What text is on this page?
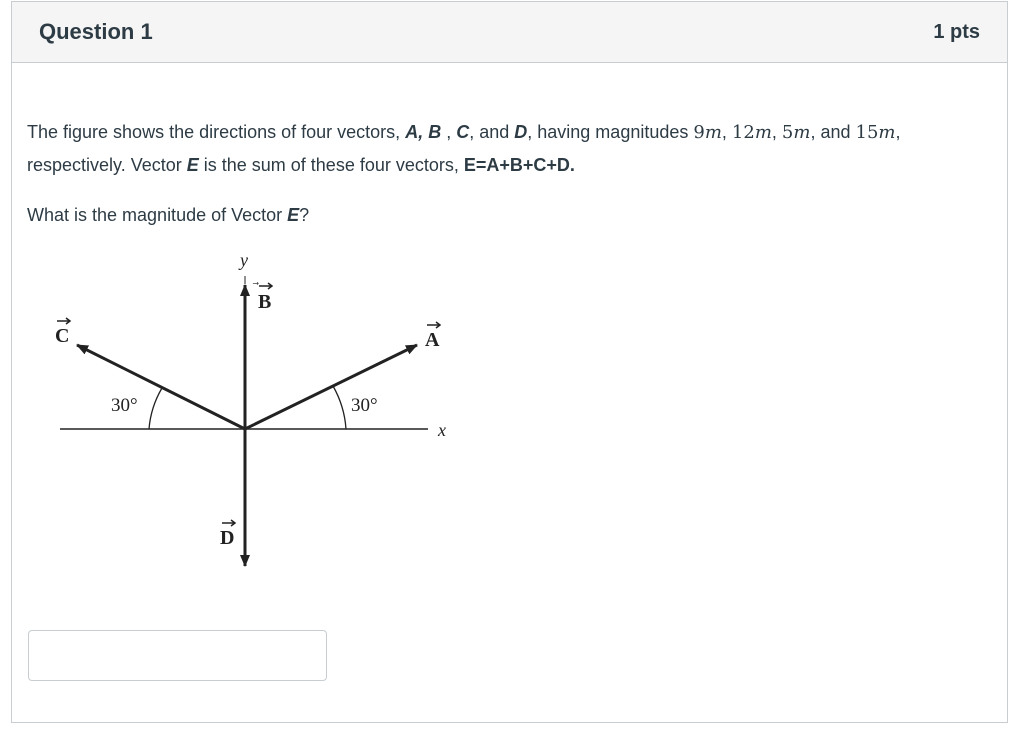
Question 1	1 pts

The figure shows the directions of four vectors, A, B , C, and D, having magnitudes 9m, 12m, 5m, and 15m, respectively. Vector E is the sum of these four vectors, E=A+B+C+D.

What is the magnitude of Vector E?

x
y
B
D
A
C
30°	30°
